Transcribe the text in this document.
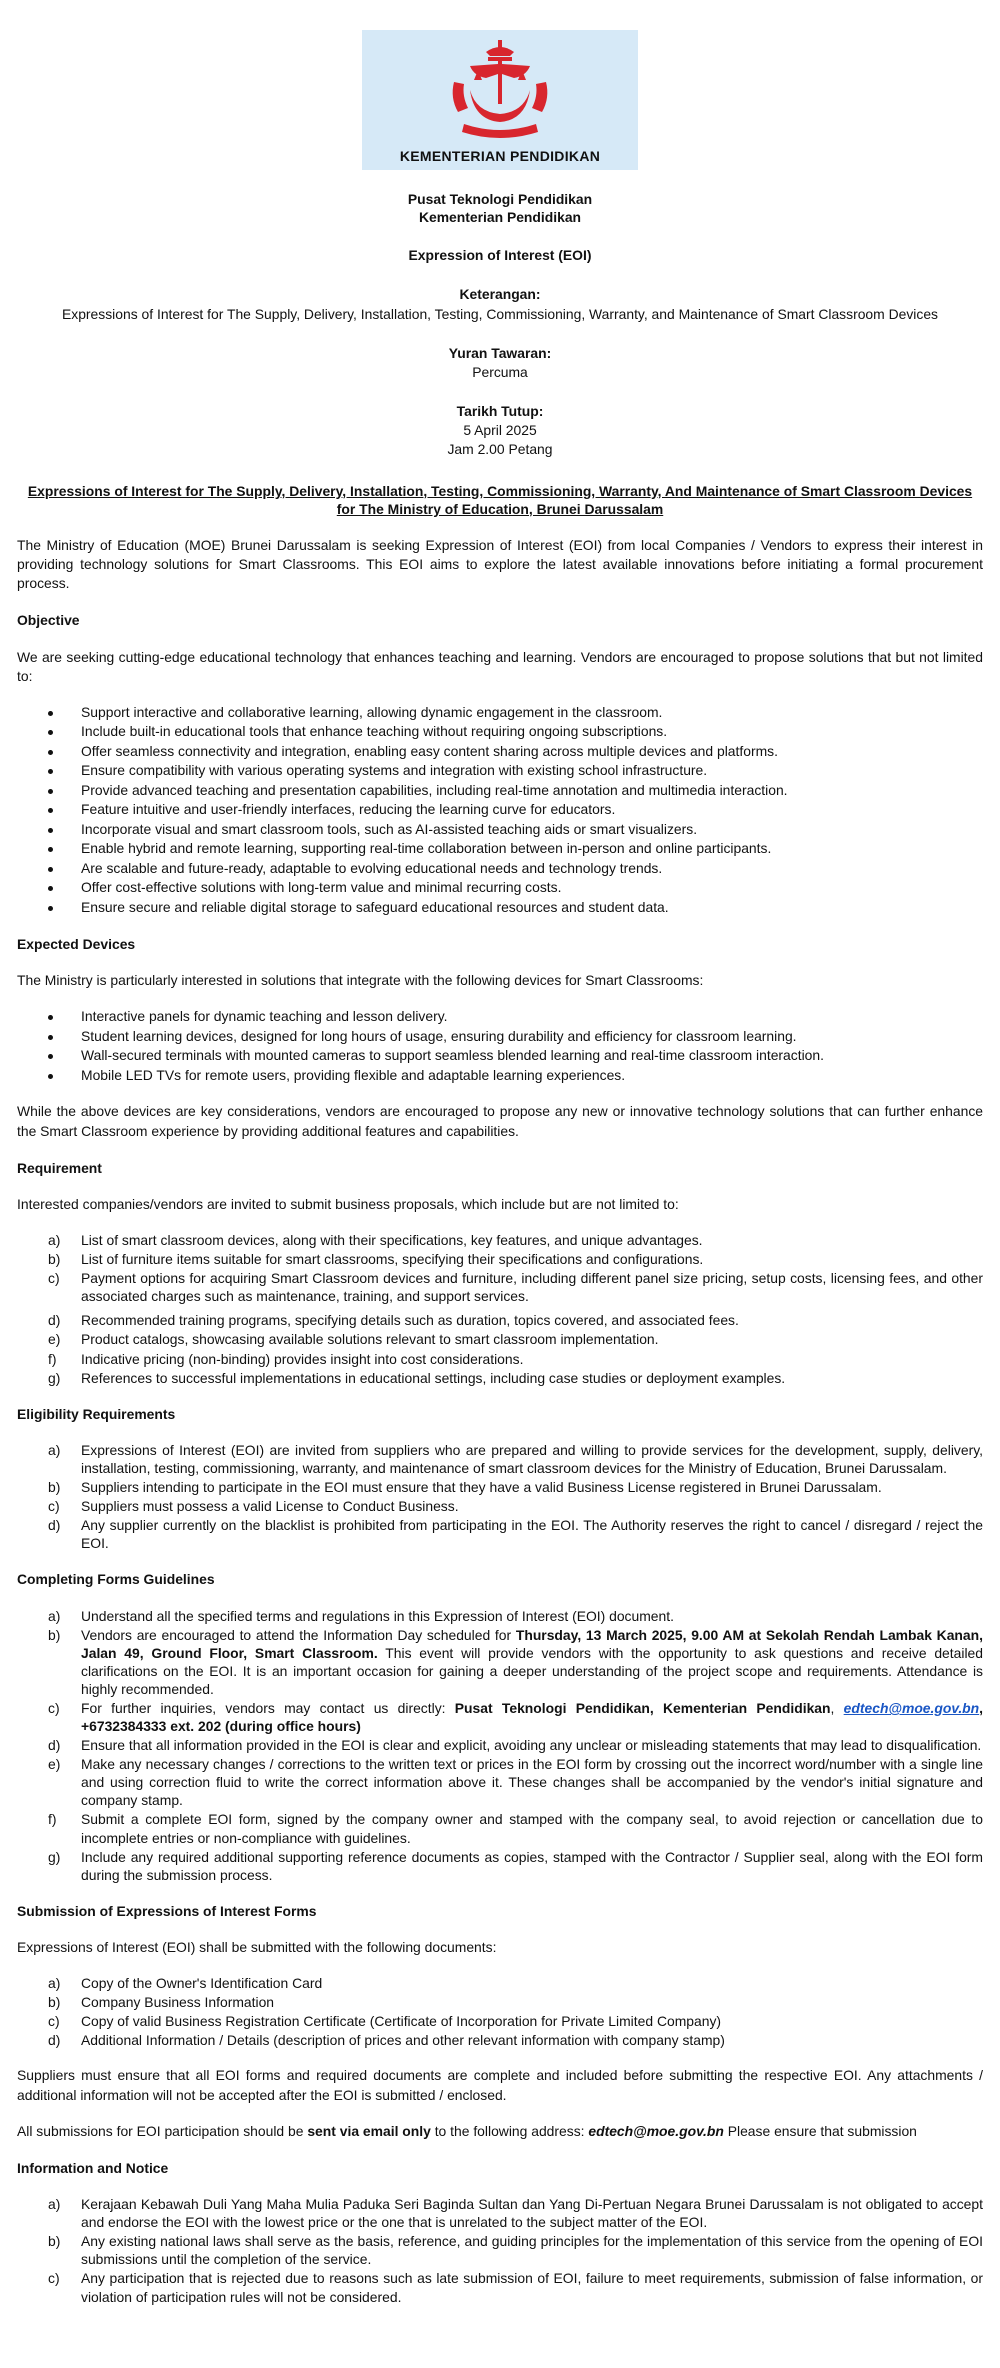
KEMENTERIAN PENDIDIKAN
Pusat Teknologi Pendidikan
Kementerian Pendidikan
Expression of Interest (EOI)
Keterangan:
Expressions of Interest for The Supply, Delivery, Installation, Testing, Commissioning, Warranty, and Maintenance of Smart Classroom Devices
Yuran Tawaran:
Percuma
Tarikh Tutup:
5 April 2025
Jam 2.00 Petang
Expressions of Interest for The Supply, Delivery, Installation, Testing, Commissioning, Warranty, And Maintenance of Smart Classroom Devices for The Ministry of Education, Brunei Darussalam

The Ministry of Education (MOE) Brunei Darussalam is seeking Expression of Interest (EOI) from local Companies / Vendors to express their interest in providing technology solutions for Smart Classrooms. This EOI aims to explore the latest available innovations before initiating a formal procurement process.

Objective

We are seeking cutting-edge educational technology that enhances teaching and learning. Vendors are encouraged to propose solutions that but not limited to:

Support interactive and collaborative learning, allowing dynamic engagement in the classroom.
Include built-in educational tools that enhance teaching without requiring ongoing subscriptions.
Offer seamless connectivity and integration, enabling easy content sharing across multiple devices and platforms.
Ensure compatibility with various operating systems and integration with existing school infrastructure.
Provide advanced teaching and presentation capabilities, including real-time annotation and multimedia interaction.
Feature intuitive and user-friendly interfaces, reducing the learning curve for educators.
Incorporate visual and smart classroom tools, such as AI-assisted teaching aids or smart visualizers.
Enable hybrid and remote learning, supporting real-time collaboration between in-person and online participants.
Are scalable and future-ready, adaptable to evolving educational needs and technology trends.
Offer cost-effective solutions with long-term value and minimal recurring costs.
Ensure secure and reliable digital storage to safeguard educational resources and student data.
Expected Devices

The Ministry is particularly interested in solutions that integrate with the following devices for Smart Classrooms:

Interactive panels for dynamic teaching and lesson delivery.
Student learning devices, designed for long hours of usage, ensuring durability and efficiency for classroom learning.
Wall-secured terminals with mounted cameras to support seamless blended learning and real-time classroom interaction.
Mobile LED TVs for remote users, providing flexible and adaptable learning experiences.

While the above devices are key considerations, vendors are encouraged to propose any new or innovative technology solutions that can further enhance the Smart Classroom experience by providing additional features and capabilities.

Requirement

Interested companies/vendors are invited to submit business proposals, which include but are not limited to:

a) List of smart classroom devices, along with their specifications, key features, and unique advantages.
b) List of furniture items suitable for smart classrooms, specifying their specifications and configurations.
c) Payment options for acquiring Smart Classroom devices and furniture, including different panel size pricing, setup costs, licensing fees, and other associated charges such as maintenance, training, and support services.
d) Recommended training programs, specifying details such as duration, topics covered, and associated fees.
e) Product catalogs, showcasing available solutions relevant to smart classroom implementation.
f) Indicative pricing (non-binding) provides insight into cost considerations.
g) References to successful implementations in educational settings, including case studies or deployment examples.
Eligibility Requirements
a) Expressions of Interest (EOI) are invited from suppliers who are prepared and willing to provide services for the development, supply, delivery, installation, testing, commissioning, warranty, and maintenance of smart classroom devices for the Ministry of Education, Brunei Darussalam.
b) Suppliers intending to participate in the EOI must ensure that they have a valid Business License registered in Brunei Darussalam.
c) Suppliers must possess a valid License to Conduct Business.
d) Any supplier currently on the blacklist is prohibited from participating in the EOI. The Authority reserves the right to cancel / disregard / reject the EOI.
Completing Forms Guidelines
a) Understand all the specified terms and regulations in this Expression of Interest (EOI) document.
b) Vendors are encouraged to attend the Information Day scheduled for Thursday, 13 March 2025, 9.00 AM at Sekolah Rendah Lambak Kanan, Jalan 49, Ground Floor, Smart Classroom. This event will provide vendors with the opportunity to ask questions and receive detailed clarifications on the EOI. It is an important occasion for gaining a deeper understanding of the project scope and requirements. Attendance is highly recommended.
c) For further inquiries, vendors may contact us directly: Pusat Teknologi Pendidikan, Kementerian Pendidikan, edtech@moe.gov.bn, +6732384333 ext. 202 (during office hours)
d) Ensure that all information provided in the EOI is clear and explicit, avoiding any unclear or misleading statements that may lead to disqualification.
e) Make any necessary changes / corrections to the written text or prices in the EOI form by crossing out the incorrect word/number with a single line and using correction fluid to write the correct information above it. These changes shall be accompanied by the vendor's initial signature and company stamp.
f) Submit a complete EOI form, signed by the company owner and stamped with the company seal, to avoid rejection or cancellation due to incomplete entries or non-compliance with guidelines.
g) Include any required additional supporting reference documents as copies, stamped with the Contractor / Supplier seal, along with the EOI form during the submission process.
Submission of Expressions of Interest Forms

Expressions of Interest (EOI) shall be submitted with the following documents:

a) Copy of the Owner's Identification Card
b) Company Business Information
c) Copy of valid Business Registration Certificate (Certificate of Incorporation for Private Limited Company)
d) Additional Information / Details (description of prices and other relevant information with company stamp)

Suppliers must ensure that all EOI forms and required documents are complete and included before submitting the respective EOI. Any attachments / additional information will not be accepted after the EOI is submitted / enclosed.

All submissions for EOI participation should be sent via email only to the following address: edtech@moe.gov.bn Please ensure that submission

Information and Notice
a) Kerajaan Kebawah Duli Yang Maha Mulia Paduka Seri Baginda Sultan dan Yang Di-Pertuan Negara Brunei Darussalam is not obligated to accept and endorse the EOI with the lowest price or the one that is unrelated to the subject matter of the EOI.
b) Any existing national laws shall serve as the basis, reference, and guiding principles for the implementation of this service from the opening of EOI submissions until the completion of the service.
c) Any participation that is rejected due to reasons such as late submission of EOI, failure to meet requirements, submission of false information, or violation of participation rules will not be considered.
